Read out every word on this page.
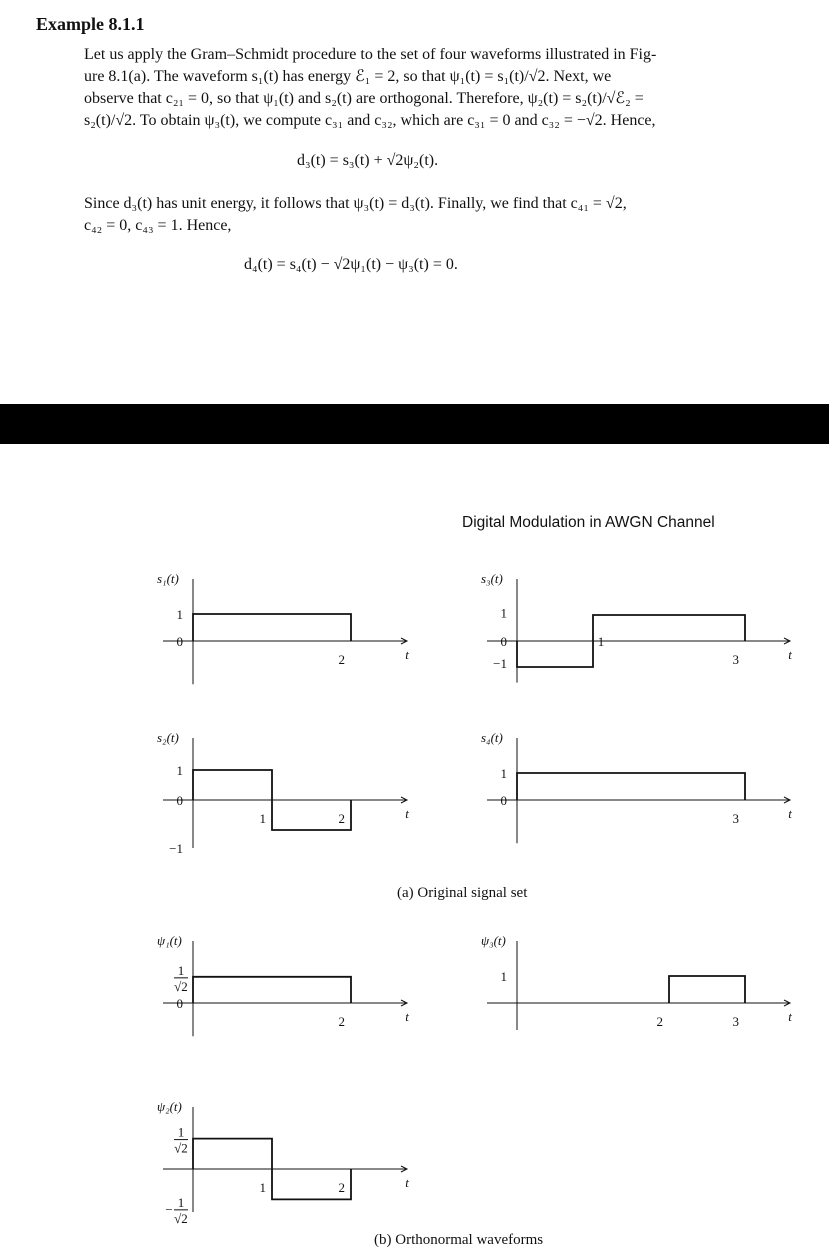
Example 8.1.1
Let us apply the Gram–Schmidt procedure to the set of four waveforms illustrated in Fig-
ure 8.1(a). The waveform s₁(t) has energy ℰ₁ = 2, so that ψ₁(t) = s₁(t)/√2. Next, we
observe that c₂₁ = 0, so that ψ₁(t) and s₂(t) are orthogonal. Therefore, ψ₂(t) = s₂(t)/√ℰ₂ =
s₂(t)/√2. To obtain ψ₃(t), we compute c₃₁ and c₃₂, which are c₃₁ = 0 and c₃₂ = −√2. Hence,
d₃(t) = s₃(t) + √2ψ₂(t).
Since d₃(t) has unit energy, it follows that ψ₃(t) = d₃(t). Finally, we find that c₄₁ = √2,
c₄₂ = 0, c₄₃ = 1. Hence,
d₄(t) = s₄(t) − √2ψ₁(t) − ψ₃(t) = 0.
Digital Modulation in AWGN Channel
s₁(t)
t
s₂(t)
t
s₃(t)
t
s₄(t)
t
ψ₁(t)
t
ψ₂(t)
t
ψ₃(t)
t
1
0
2
1
0
−1
1	2
1
0
−1
1
3
1
0
3
1
√2
0
2
1
√2
− 1
√2
1	2
1
2	3
(a) Original signal set
(b) Orthonormal waveforms
